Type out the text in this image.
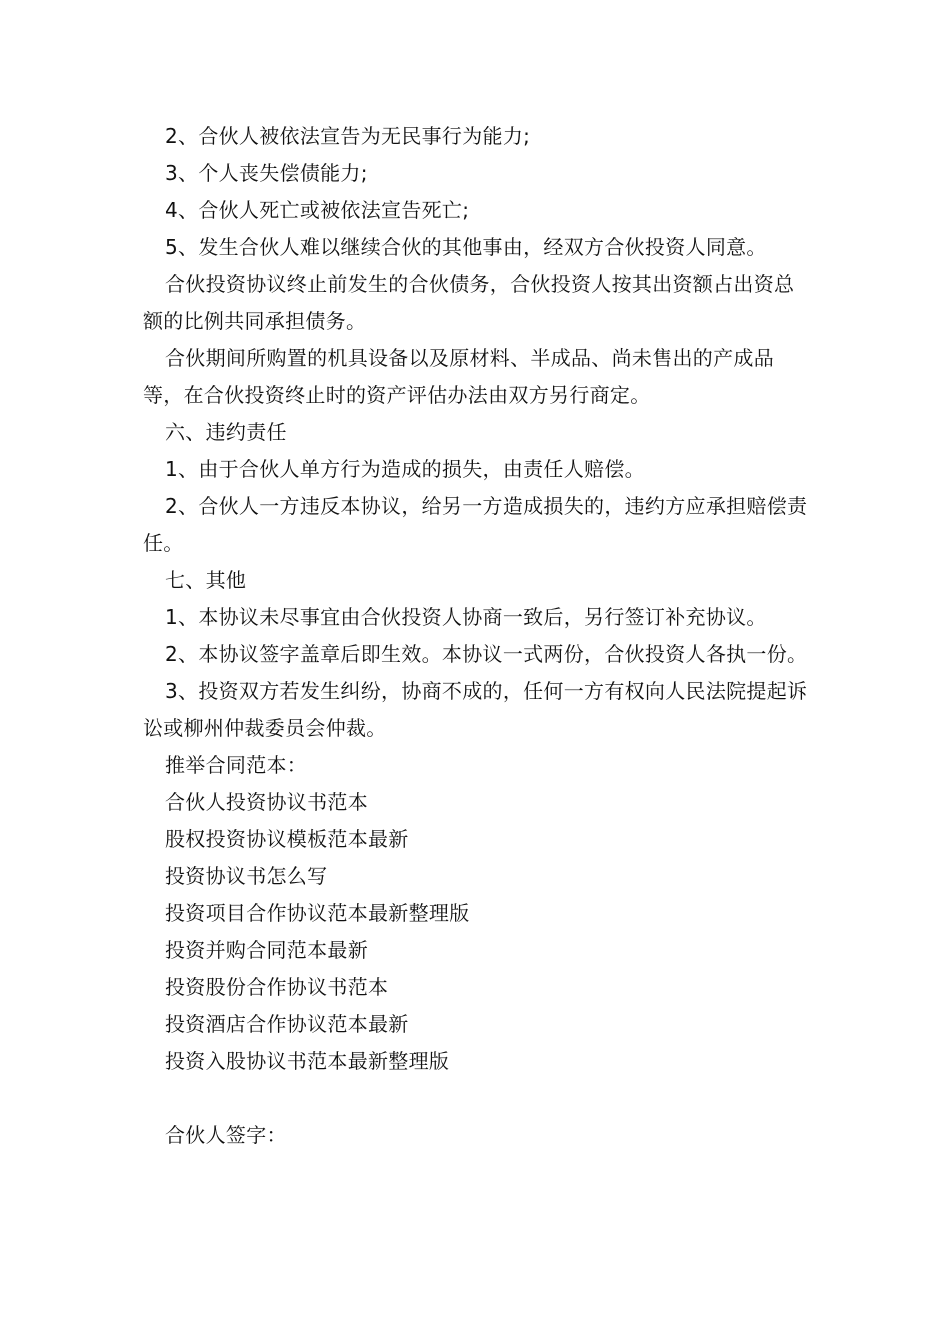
2、合伙人被依法宣告为无民事行为能力;

3、个人丧失偿债能力;

4、合伙人死亡或被依法宣告死亡;

5、发生合伙人难以继续合伙的其他事由，经双方合伙投资人同意。

合伙投资协议终止前发生的合伙债务，合伙投资人按其出资额占出资总额的比例共同承担债务。

合伙期间所购置的机具设备以及原材料、半成品、尚未售出的产成品等，在合伙投资终止时的资产评估办法由双方另行商定。

六、违约责任

1、由于合伙人单方行为造成的损失，由责任人赔偿。

2、合伙人一方违反本协议，给另一方造成损失的，违约方应承担赔偿责任。

七、其他

1、本协议未尽事宜由合伙投资人协商一致后，另行签订补充协议。

2、本协议签字盖章后即生效。本协议一式两份，合伙投资人各执一份。

3、投资双方若发生纠纷，协商不成的，任何一方有权向人民法院提起诉讼或柳州仲裁委员会仲裁。

推举合同范本：

合伙人投资协议书范本

股权投资协议模板范本最新

投资协议书怎么写

投资项目合作协议范本最新整理版

投资并购合同范本最新

投资股份合作协议书范本

投资酒店合作协议范本最新

投资入股协议书范本最新整理版

合伙人签字：
